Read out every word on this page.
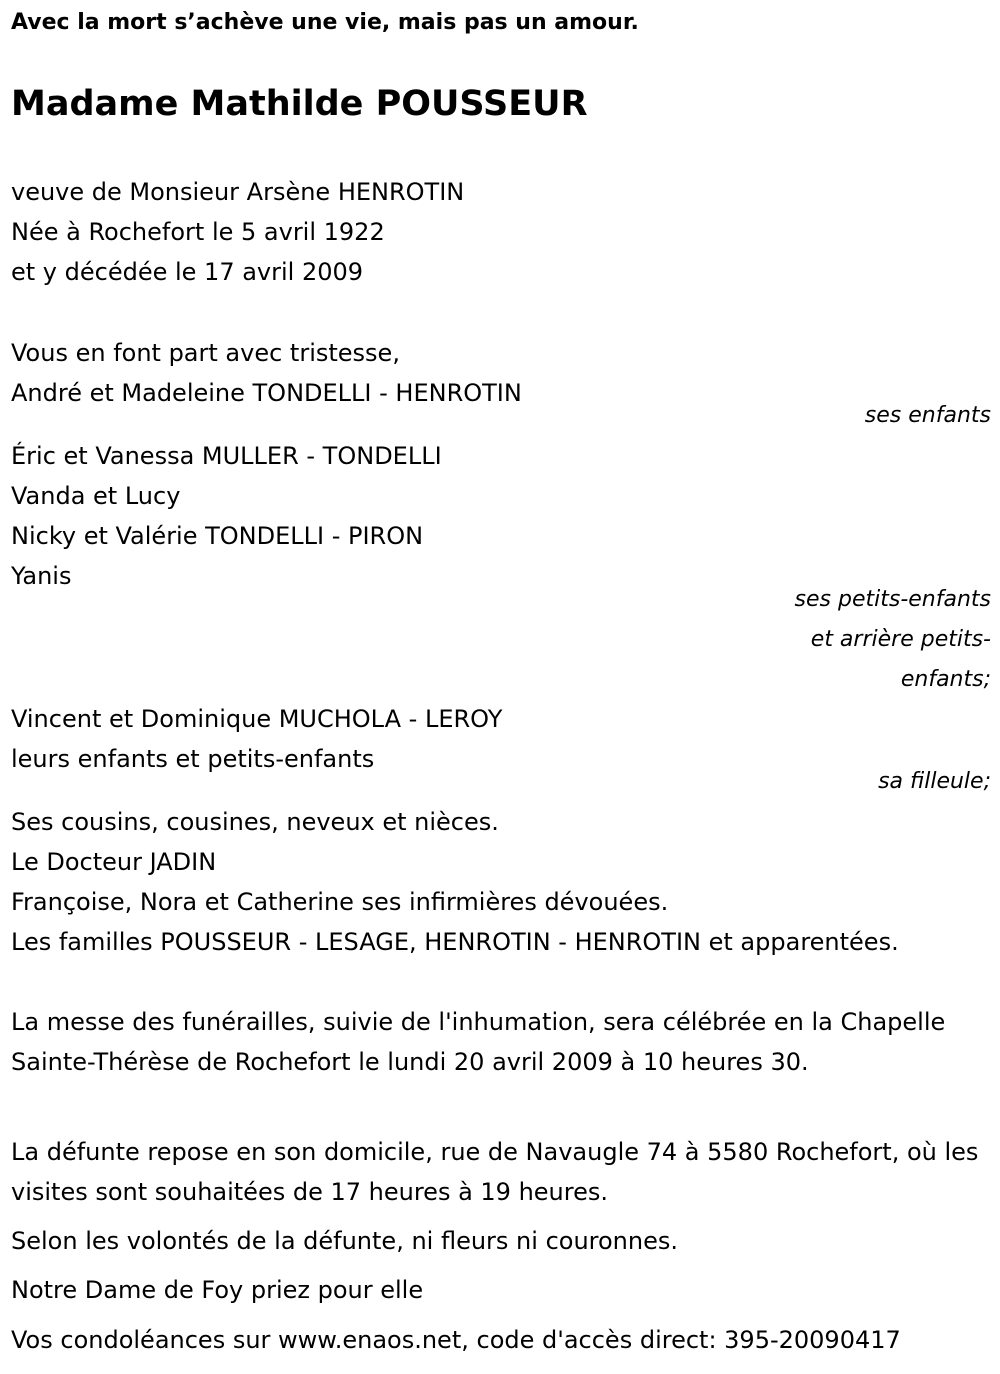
Avec la mort s’achève une vie, mais pas un amour.
Madame Mathilde POUSSEUR
veuve de Monsieur Arsène HENROTIN
Née à Rochefort le 5 avril 1922
et y décédée le 17 avril 2009
Vous en font part avec tristesse,
André et Madeleine TONDELLI - HENROTIN
ses enfants
Éric et Vanessa MULLER - TONDELLI
Vanda et Lucy
Nicky et Valérie TONDELLI - PIRON
Yanis
ses petits-enfants
et arrière petits-
enfants;
Vincent et Dominique MUCHOLA - LEROY
leurs enfants et petits-enfants
sa filleule;
Ses cousins, cousines, neveux et nièces.
Le Docteur JADIN
Françoise, Nora et Catherine ses infirmières dévouées.
Les familles POUSSEUR - LESAGE, HENROTIN - HENROTIN et apparentées.
La messe des funérailles, suivie de l'inhumation, sera célébrée en la Chapelle Sainte-Thérèse de Rochefort le lundi 20 avril 2009 à 10 heures 30.
La défunte repose en son domicile, rue de Navaugle 74 à 5580 Rochefort, où les visites sont souhaitées de 17 heures à 19 heures.
Selon les volontés de la défunte, ni fleurs ni couronnes.
Notre Dame de Foy priez pour elle
Vos condoléances sur www.enaos.net, code d'accès direct: 395-20090417
